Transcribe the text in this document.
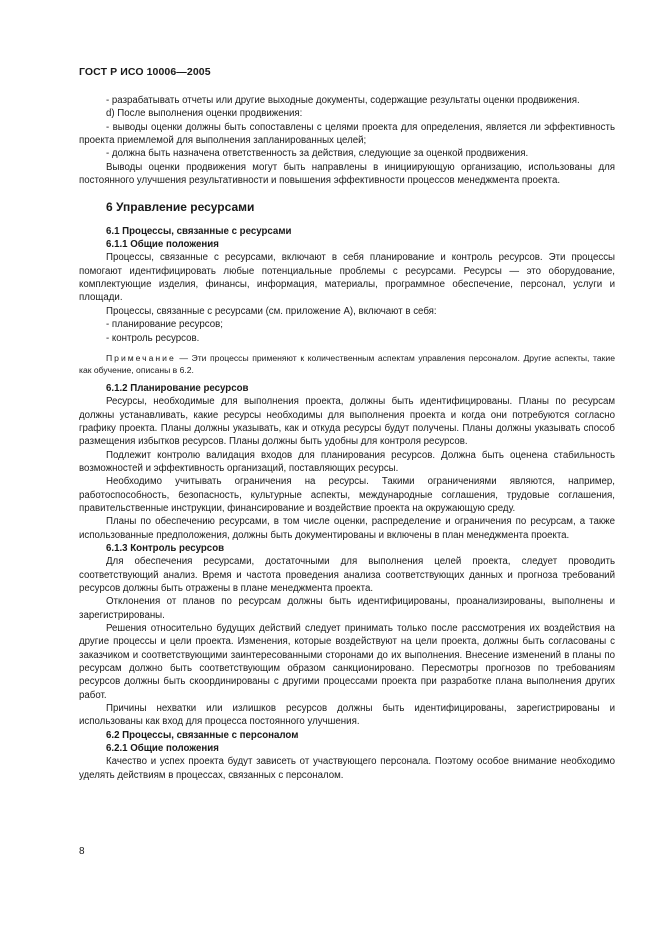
ГОСТ Р ИСО 10006—2005

- разрабатывать отчеты или другие выходные документы, содержащие результаты оценки продвижения.

d) После выполнения оценки продвижения:

- выводы оценки должны быть сопоставлены с целями проекта для определения, является ли эффективность проекта приемлемой для выполнения запланированных целей;

- должна быть назначена ответственность за действия, следующие за оценкой продвижения.

Выводы оценки продвижения могут быть направлены в инициирующую организацию, использованы для постоянного улучшения результативности и повышения эффективности процессов менеджмента проекта.

6 Управление ресурсами
6.1 Процессы, связанные с ресурсами
6.1.1 Общие положения

Процессы, связанные с ресурсами, включают в себя планирование и контроль ресурсов. Эти процессы помогают идентифицировать любые потенциальные проблемы с ресурсами. Ресурсы — это оборудование, комплектующие изделия, финансы, информация, материалы, программное обеспечение, персонал, услуги и площади.

Процессы, связанные с ресурсами (см. приложение А), включают в себя:

- планирование ресурсов;

- контроль ресурсов.

Примечание — Эти процессы применяют к количественным аспектам управления персоналом. Другие аспекты, такие как обучение, описаны в 6.2.

6.1.2 Планирование ресурсов

Ресурсы, необходимые для выполнения проекта, должны быть идентифицированы. Планы по ресурсам должны устанавливать, какие ресурсы необходимы для выполнения проекта и когда они потребуются согласно графику проекта. Планы должны указывать, как и откуда ресурсы будут получены. Планы должны указывать способ размещения избытков ресурсов. Планы должны быть удобны для контроля ресурсов.

Подлежит контролю валидация входов для планирования ресурсов. Должна быть оценена стабильность возможностей и эффективность организаций, поставляющих ресурсы.

Необходимо учитывать ограничения на ресурсы. Такими ограничениями являются, например, работоспособность, безопасность, культурные аспекты, международные соглашения, трудовые соглашения, правительственные инструкции, финансирование и воздействие проекта на окружающую среду.

Планы по обеспечению ресурсами, в том числе оценки, распределение и ограничения по ресурсам, а также использованные предположения, должны быть документированы и включены в план менеджмента проекта.

6.1.3 Контроль ресурсов

Для обеспечения ресурсами, достаточными для выполнения целей проекта, следует проводить соответствующий анализ. Время и частота проведения анализа соответствующих данных и прогноза требований ресурсов должны быть отражены в плане менеджмента проекта.

Отклонения от планов по ресурсам должны быть идентифицированы, проанализированы, выполнены и зарегистрированы.

Решения относительно будущих действий следует принимать только после рассмотрения их воздействия на другие процессы и цели проекта. Изменения, которые воздействуют на цели проекта, должны быть согласованы с заказчиком и соответствующими заинтересованными сторонами до их выполнения. Внесение изменений в планы по ресурсам должно быть соответствующим образом санкционировано. Пересмотры прогнозов по требованиям ресурсов должны быть скоординированы с другими процессами проекта при разработке плана выполнения других работ.

Причины нехватки или излишков ресурсов должны быть идентифицированы, зарегистрированы и использованы как вход для процесса постоянного улучшения.

6.2 Процессы, связанные с персоналом
6.2.1 Общие положения

Качество и успех проекта будут зависеть от участвующего персонала. Поэтому особое внимание необходимо уделять действиям в процессах, связанных с персоналом.

8
